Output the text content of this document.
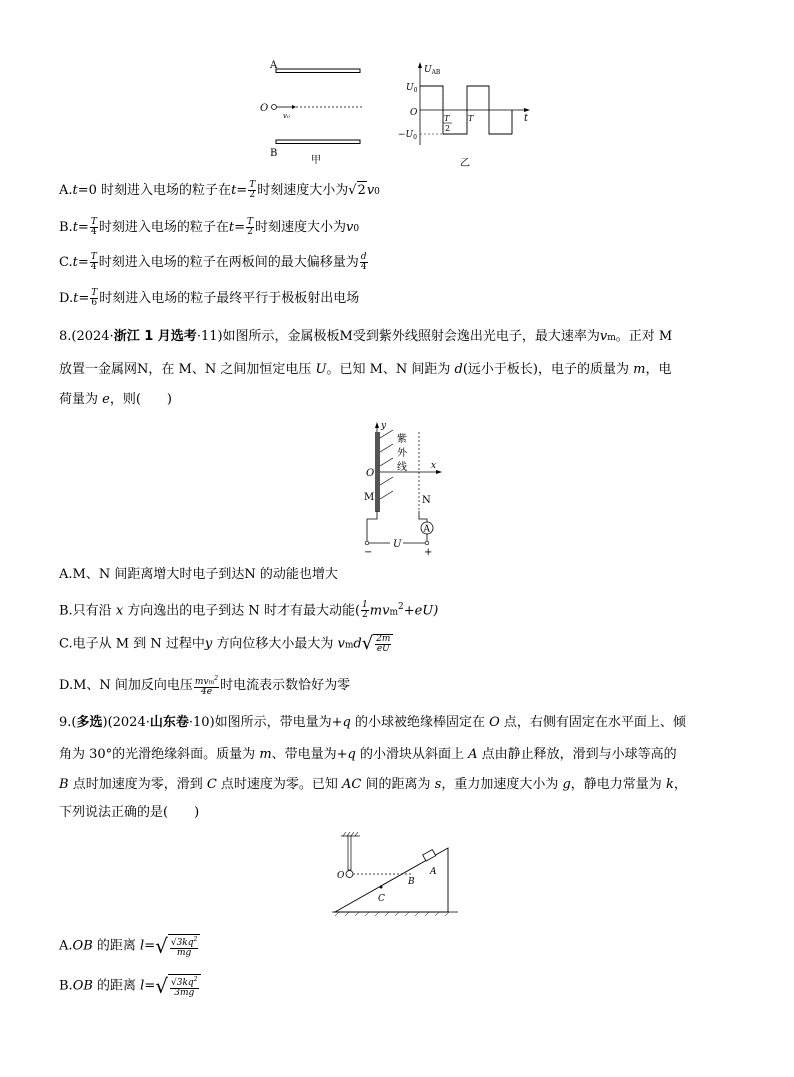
A
B
O
v₀
甲
$U_{AB}$
$U_0$
$-U_0$
O	t
T
2
T
乙
A.t=0 时刻进入电场的粒子在$t= \frac{T}{2}$ 时刻速度大小为√2v0
$B.t= \frac{T}{4}$ 时刻进入电场的粒子在$t= \frac{T}{2}$ 时刻速度大小为v0
$C.t= \frac{T}{4}$ 时刻进入电场的粒子在两板间的最大偏移量为 $\frac{d}{4}$
$D.t= \frac{T}{6}$ 时刻进入电场的粒子最终平行于极板射出电场
8.(2024·浙江 1 月选考·11)如图所示，金属极板M受到紫外线照射会逸出光电子，最大速率为vm。正对 M
放置一金属网N，在 M、N 之间加恒定电压 U。已知 M、N 间距为 d(远小于板长)，电子的质量为 m，电
荷量为 e，则(　　)
y
紫
外
线	x
O
M	N
A
U
−	+
A.M、N 间距离增大时电子到达N 的动能也增大
B.只有沿 x 方向逸出的电子到达 N 时才有最大动能( $\frac{1}{2} mvm^2+eU$)
C.电子从 M 到 N 过程中y 方向位移大小最大为 $vmd√ \frac{2m}{eU}$
D.M、N 间加反向电压 $\frac{mvm^2}{4e}$ 时电流表示数恰好为零
9.(多选)(2024·山东卷·10)如图所示，带电量为+q 的小球被绝缘棒固定在 O 点，右侧有固定在水平面上、倾
角为 30°的光滑绝缘斜面。质量为 m、带电量为+q 的小滑块从斜面上 A 点由静止释放，滑到与小球等高的
B 点时加速度为零，滑到 C 点时速度为零。已知 AC 间的距离为 s，重力加速度大小为 g，静电力常量为 k，
下列说法正确的是(　　)
O	A
B
C
A.OB 的距离 $l=√ \frac{√3kq^2}{mg}$
B.OB 的距离 $l=√ \frac{√3kq^2}{3mg}$
